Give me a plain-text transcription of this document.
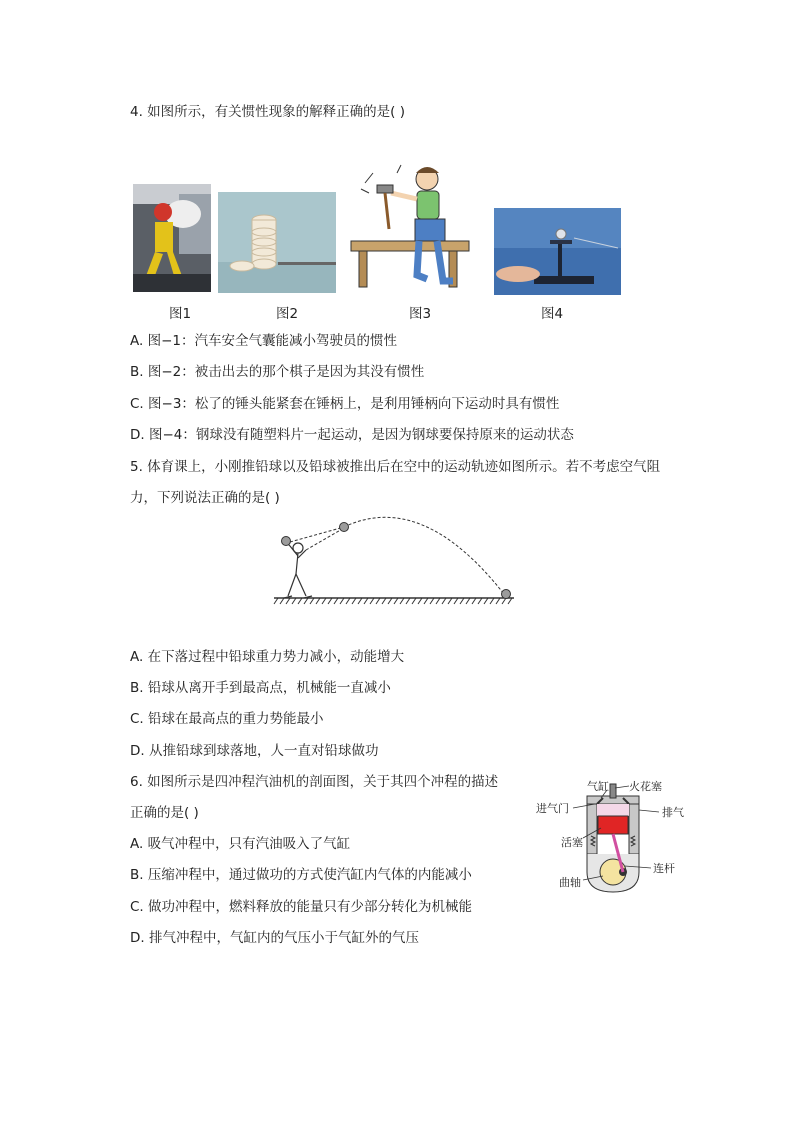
4. 如图所示，有关惯性现象的解释正确的是( )
图1	图2	图3	图4
A. 图−1：汽车安全气囊能减小驾驶员的惯性
B. 图−2：被击出去的那个棋子是因为其没有惯性
C. 图−3：松了的锤头能紧套在锤柄上，是利用锤柄向下运动时具有惯性
D. 图−4：钢球没有随塑料片一起运动，是因为钢球要保持原来的运动状态
5. 体育课上，小刚推铅球以及铅球被推出后在空中的运动轨迹如图所示。若不考虑空气阻
力，下列说法正确的是( )
A. 在下落过程中铅球重力势力减小，动能增大
B. 铅球从离开手到最高点，机械能一直减小
C. 铅球在最高点的重力势能最小
D. 从推铅球到球落地，人一直对铅球做功
6. 如图所示是四冲程汽油机的剖面图，关于其四个冲程的描述
正确的是( )
A. 吸气冲程中，只有汽油吸入了气缸
B. 压缩冲程中，通过做功的方式使汽缸内气体的内能减小
C. 做功冲程中，燃料释放的能量只有少部分转化为机械能
D. 排气冲程中，气缸内的气压小于气缸外的气压
气缸 火花塞
进气门	排气
活塞
连杆
曲轴
